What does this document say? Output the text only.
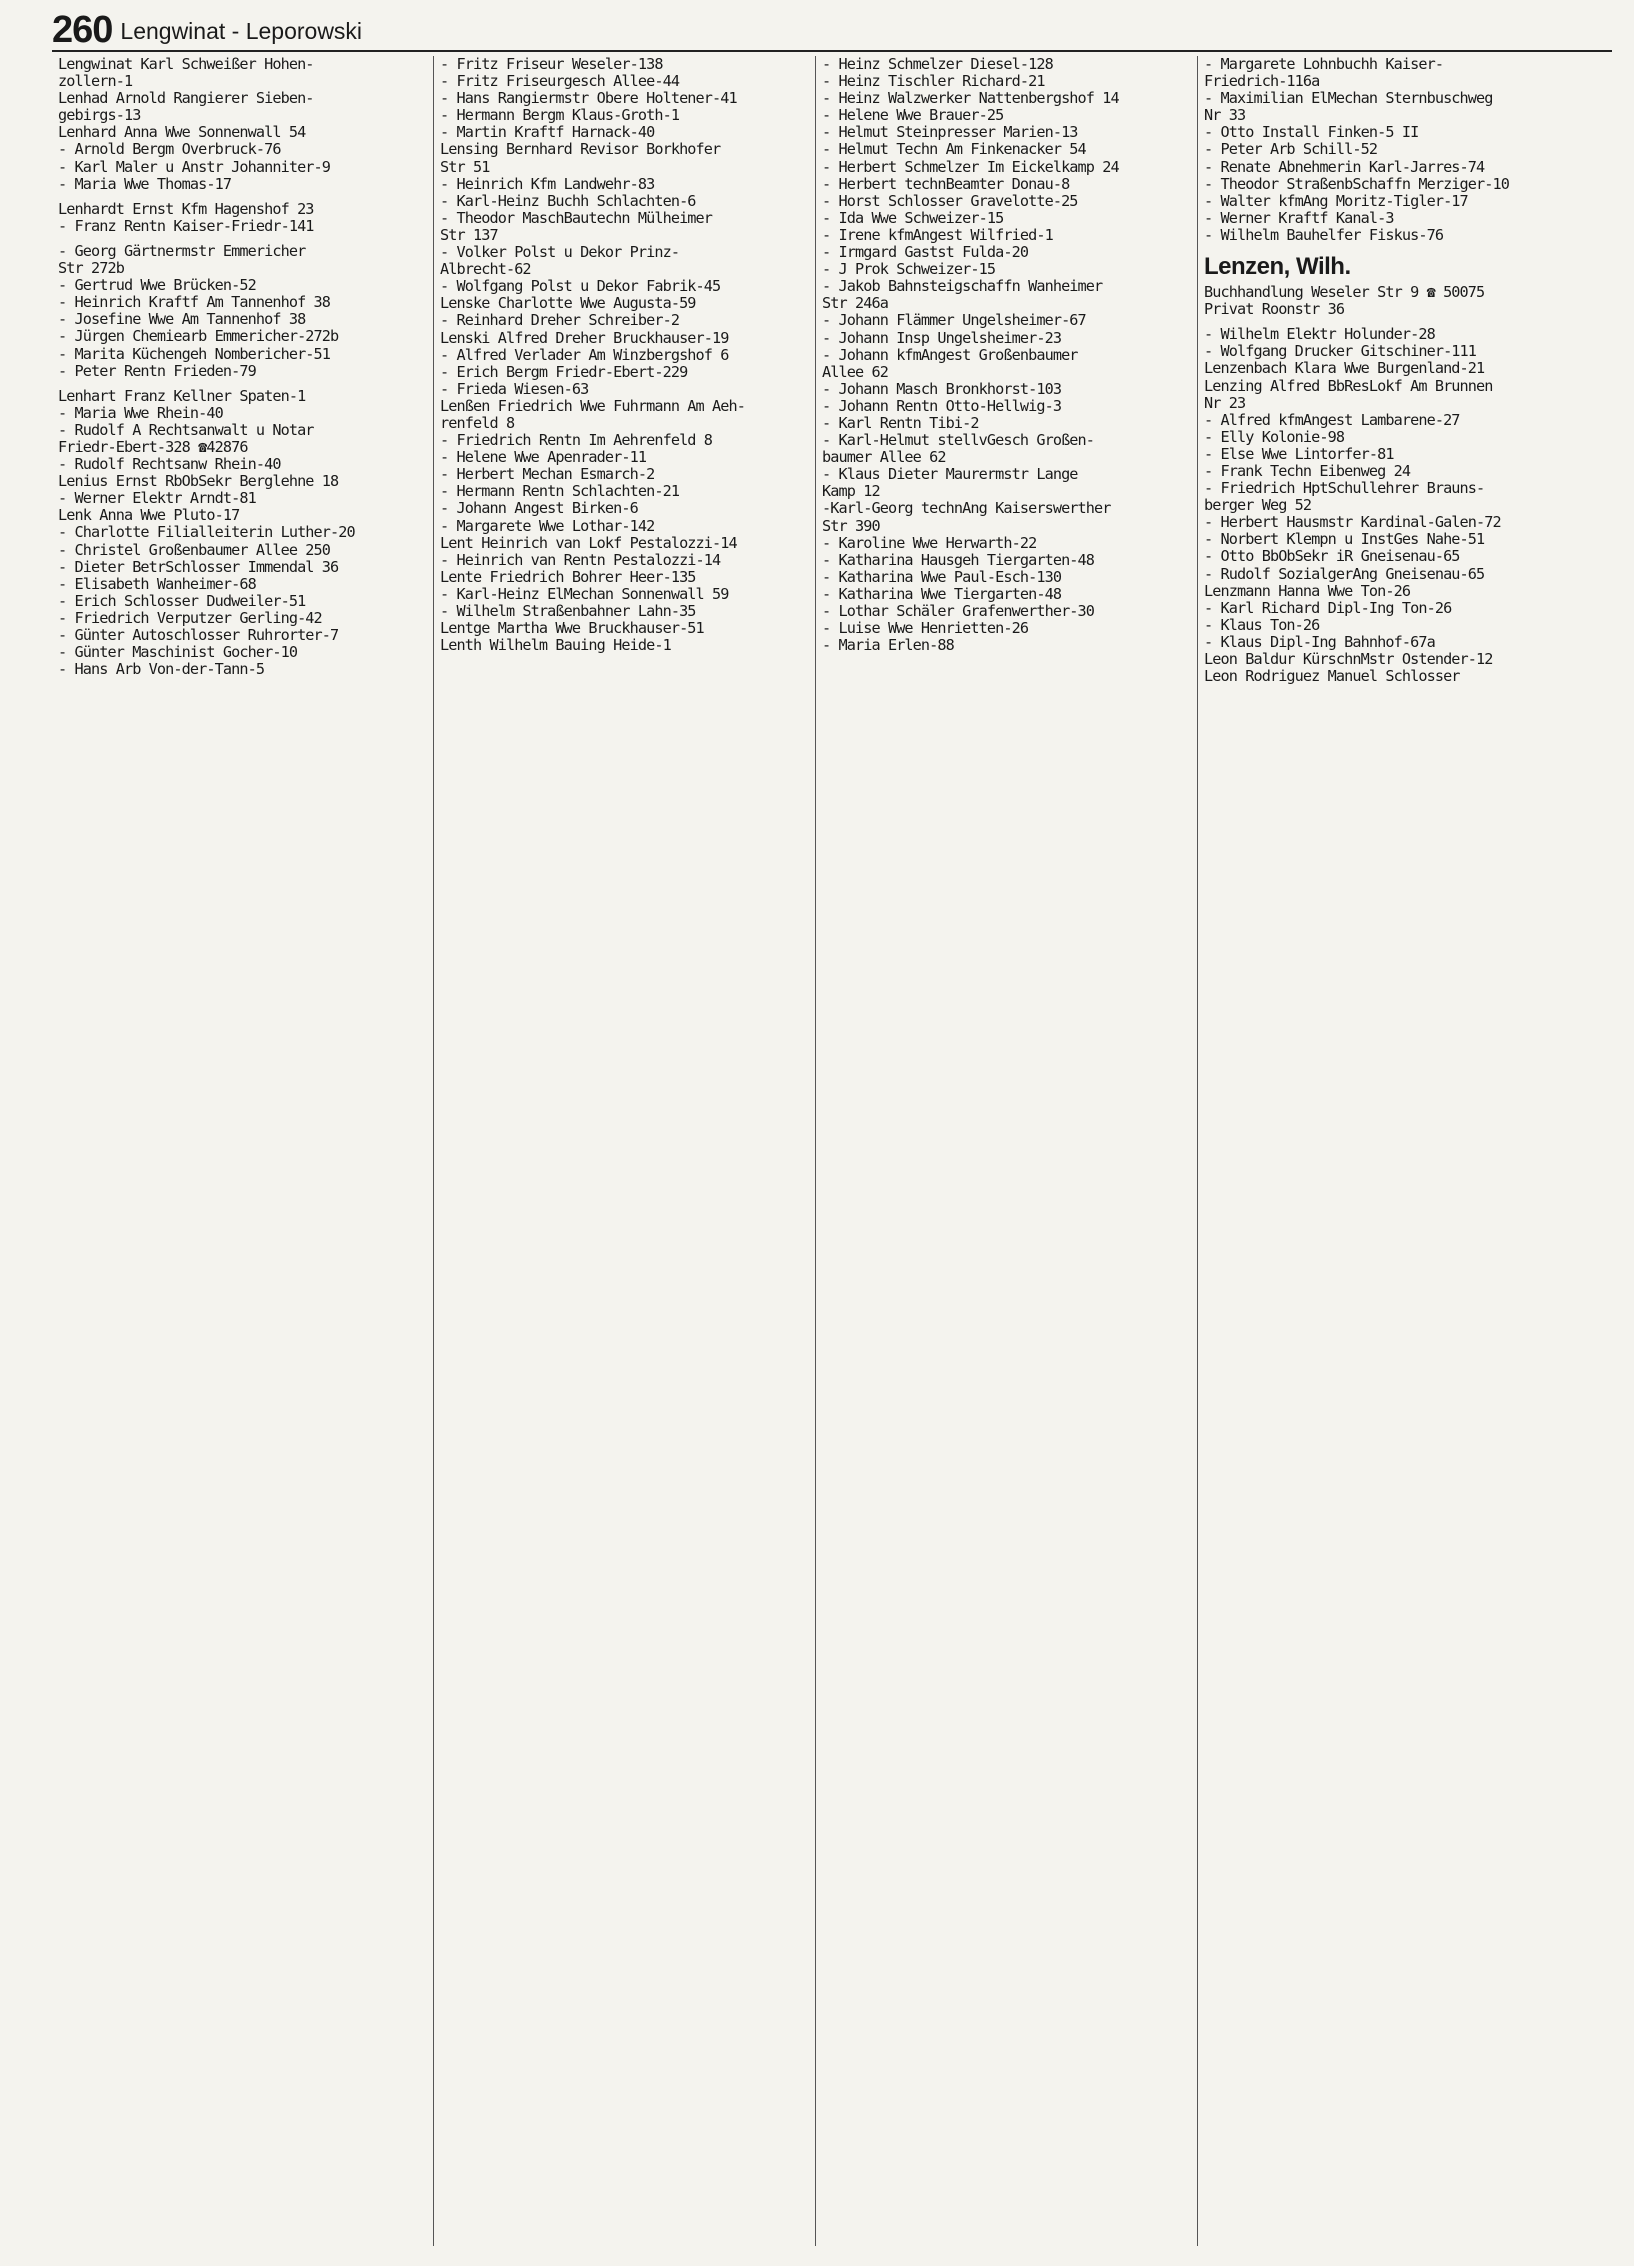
260 Lengwinat - Leporowski
Lengwinat Karl Schweißer Hohen-
zollern-1
Lenhad Arnold Rangierer Sieben-
gebirgs-13
Lenhard Anna Wwe Sonnenwall 54
- Arnold Bergm Overbruck-76
- Karl Maler u Anstr Johanniter-9
- Maria Wwe Thomas-17
Lenhardt Ernst Kfm Hagenshof 23
- Franz Rentn Kaiser-Friedr-141
- Georg Gärtnermstr Emmericher
Str 272b
- Gertrud Wwe Brücken-52
- Heinrich Kraftf Am Tannenhof 38
- Josefine Wwe Am Tannenhof 38
- Jürgen Chemiearb Emmericher-272b
- Marita Küchengeh Nombericher-51
- Peter Rentn Frieden-79
Lenhart Franz Kellner Spaten-1
- Maria Wwe Rhein-40
- Rudolf A Rechtsanwalt u Notar
Friedr-Ebert-328 ☎42876
- Rudolf Rechtsanw Rhein-40
Lenius Ernst RbObSekr Berglehne 18
- Werner Elektr Arndt-81
Lenk Anna Wwe Pluto-17
- Charlotte Filialleiterin Luther-20
- Christel Großenbaumer Allee 250
- Dieter BetrSchlosser Immendal 36
- Elisabeth Wanheimer-68
- Erich Schlosser Dudweiler-51
- Friedrich Verputzer Gerling-42
- Günter Autoschlosser Ruhrorter-7
- Günter Maschinist Gocher-10
- Hans Arb Von-der-Tann-5
- Fritz Friseur Weseler-138
- Fritz Friseurgesch Allee-44
- Hans Rangiermstr Obere Holtener-41
- Hermann Bergm Klaus-Groth-1
- Martin Kraftf Harnack-40
Lensing Bernhard Revisor Borkhofer
Str 51
- Heinrich Kfm Landwehr-83
- Karl-Heinz Buchh Schlachten-6
- Theodor MaschBautechn Mülheimer
Str 137
- Volker Polst u Dekor Prinz-
Albrecht-62
- Wolfgang Polst u Dekor Fabrik-45
Lenske Charlotte Wwe Augusta-59
- Reinhard Dreher Schreiber-2
Lenski Alfred Dreher Bruckhauser-19
- Alfred Verlader Am Winzbergshof 6
- Erich Bergm Friedr-Ebert-229
- Frieda Wiesen-63
Lenßen Friedrich Wwe Fuhrmann Am Aeh-
renfeld 8
- Friedrich Rentn Im Aehrenfeld 8
- Helene Wwe Apenrader-11
- Herbert Mechan Esmarch-2
- Hermann Rentn Schlachten-21
- Johann Angest Birken-6
- Margarete Wwe Lothar-142
Lent Heinrich van Lokf Pestalozzi-14
- Heinrich van Rentn Pestalozzi-14
Lente Friedrich Bohrer Heer-135
- Karl-Heinz ElMechan Sonnenwall 59
- Wilhelm Straßenbahner Lahn-35
Lentge Martha Wwe Bruckhauser-51
Lenth Wilhelm Bauing Heide-1
- Heinz Schmelzer Diesel-128
- Heinz Tischler Richard-21
- Heinz Walzwerker Nattenbergshof 14
- Helene Wwe Brauer-25
- Helmut Steinpresser Marien-13
- Helmut Techn Am Finkenacker 54
- Herbert Schmelzer Im Eickelkamp 24
- Herbert technBeamter Donau-8
- Horst Schlosser Gravelotte-25
- Ida Wwe Schweizer-15
- Irene kfmAngest Wilfried-1
- Irmgard Gastst Fulda-20
- J Prok Schweizer-15
- Jakob Bahnsteigschaffn Wanheimer
Str 246a
- Johann Flämmer Ungelsheimer-67
- Johann Insp Ungelsheimer-23
- Johann kfmAngest Großenbaumer
Allee 62
- Johann Masch Bronkhorst-103
- Johann Rentn Otto-Hellwig-3
- Karl Rentn Tibi-2
- Karl-Helmut stellvGesch Großen-
baumer Allee 62
- Klaus Dieter Maurermstr Lange
Kamp 12
-Karl-Georg technAng Kaiserswerther
Str 390
- Karoline Wwe Herwarth-22
- Katharina Hausgeh Tiergarten-48
- Katharina Wwe Paul-Esch-130
- Katharina Wwe Tiergarten-48
- Lothar Schäler Grafenwerther-30
- Luise Wwe Henrietten-26
- Maria Erlen-88
- Margarete Lohnbuchh Kaiser-
Friedrich-116a
- Maximilian ElMechan Sternbuschweg
Nr 33
- Otto Install Finken-5 II
- Peter Arb Schill-52
- Renate Abnehmerin Karl-Jarres-74
- Theodor StraßenbSchaffn Merziger-10
- Walter kfmAng Moritz-Tigler-17
- Werner Kraftf Kanal-3
- Wilhelm Bauhelfer Fiskus-76
Lenzen, Wilh.
Buchhandlung Weseler Str 9 ☎ 50075
Privat Roonstr 36
- Wilhelm Elektr Holunder-28
- Wolfgang Drucker Gitschiner-111
Lenzenbach Klara Wwe Burgenland-21
Lenzing Alfred BbResLokf Am Brunnen
Nr 23
- Alfred kfmAngest Lambarene-27
- Elly Kolonie-98
- Else Wwe Lintorfer-81
- Frank Techn Eibenweg 24
- Friedrich HptSchullehrer Brauns-
berger Weg 52
- Herbert Hausmstr Kardinal-Galen-72
- Norbert Klempn u InstGes Nahe-51
- Otto BbObSekr iR Gneisenau-65
- Rudolf SozialgerAng Gneisenau-65
Lenzmann Hanna Wwe Ton-26
- Karl Richard Dipl-Ing Ton-26
- Klaus Ton-26
- Klaus Dipl-Ing Bahnhof-67a
Leon Baldur KürschnMstr Ostender-12
Leon Rodriguez Manuel Schlosser
